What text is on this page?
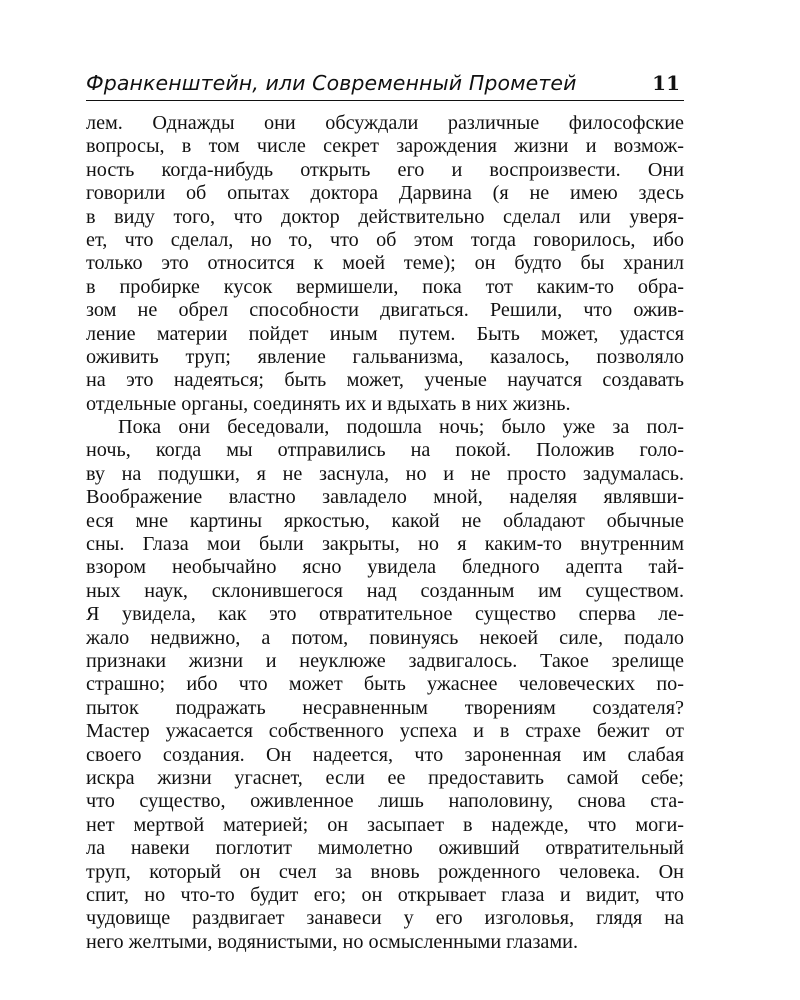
Франкенштейн, или Современный Прометей	11
лем. Однажды они обсуждали различные философские
вопросы, в том числе секрет зарождения жизни и возмож-
ность когда-нибудь открыть его и воспроизвести. Они
говорили об опытах доктора Дарвина (я не имею здесь
в виду того, что доктор действительно сделал или уверя-
ет, что сделал, но то, что об этом тогда говорилось, ибо
только это относится к моей теме); он будто бы хранил
в пробирке кусок вермишели, пока тот каким-то обра-
зом не обрел способности двигаться. Решили, что ожив-
ление материи пойдет иным путем. Быть может, удастся
оживить труп; явление гальванизма, казалось, позволяло
на это надеяться; быть может, ученые научатся создавать
отдельные органы, соединять их и вдыхать в них жизнь.
Пока они беседовали, подошла ночь; было уже за пол-
ночь, когда мы отправились на покой. Положив голо-
ву на подушки, я не заснула, но и не просто задумалась.
Воображение властно завладело мной, наделяя являвши-
еся мне картины яркостью, какой не обладают обычные
сны. Глаза мои были закрыты, но я каким-то внутренним
взором необычайно ясно увидела бледного адепта тай-
ных наук, склонившегося над созданным им существом.
Я увидела, как это отвратительное существо сперва ле-
жало недвижно, а потом, повинуясь некоей силе, подало
признаки жизни и неуклюже задвигалось. Такое зрелище
страшно; ибо что может быть ужаснее человеческих по-
пыток подражать несравненным творениям создателя?
Мастер ужасается собственного успеха и в страхе бежит от
своего создания. Он надеется, что зароненная им слабая
искра жизни угаснет, если ее предоставить самой себе;
что существо, оживленное лишь наполовину, снова ста-
нет мертвой материей; он засыпает в надежде, что моги-
ла навеки поглотит мимолетно оживший отвратительный
труп, который он счел за вновь рожденного человека. Он
спит, но что-то будит его; он открывает глаза и видит, что
чудовище раздвигает занавеси у его изголовья, глядя на
него желтыми, водянистыми, но осмысленными глазами.
